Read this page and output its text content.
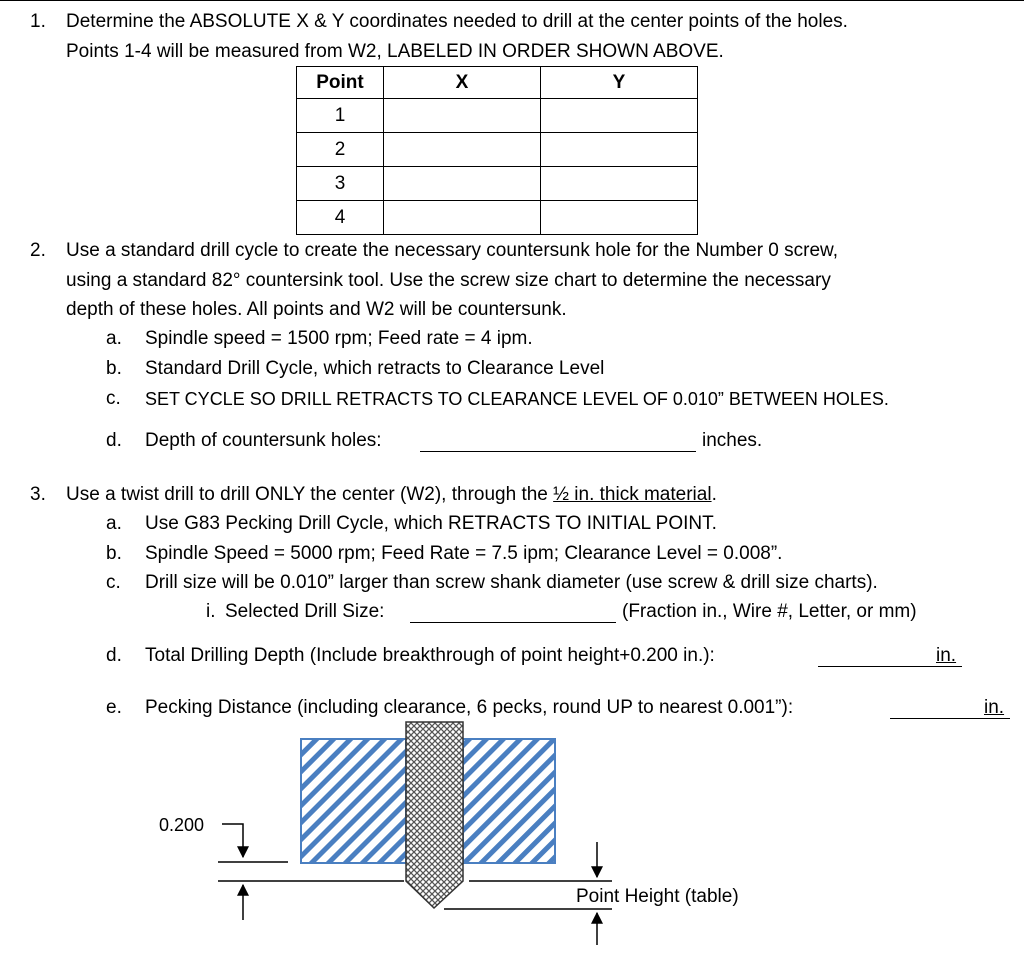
1. Determine the ABSOLUTE X & Y coordinates needed to drill at the center points of the holes.
Points 1-4 will be measured from W2, LABELED IN ORDER SHOWN ABOVE.
Point	X	Y
1		
2		
3		
4		
2. Use a standard drill cycle to create the necessary countersunk hole for the Number 0 screw,
using a standard 82° countersink tool. Use the screw size chart to determine the necessary
depth of these holes. All points and W2 will be countersunk.
a. Spindle speed = 1500 rpm; Feed rate = 4 ipm.
b. Standard Drill Cycle, which retracts to Clearance Level
c. SET CYCLE SO DRILL RETRACTS TO CLEARANCE LEVEL OF 0.010” BETWEEN HOLES.
d. Depth of countersunk holes:	inches.
3. Use a twist drill to drill ONLY the center (W2), through the ½ in. thick material.
a. Use G83 Pecking Drill Cycle, which RETRACTS TO INITIAL POINT.
b. Spindle Speed = 5000 rpm; Feed Rate = 7.5 ipm; Clearance Level = 0.008”.
c. Drill size will be 0.010” larger than screw shank diameter (use screw & drill size charts).
i. Selected Drill Size:	(Fraction in., Wire #, Letter, or mm)
d. Total Drilling Depth (Include breakthrough of point height+0.200 in.):	in.
e. Pecking Distance (including clearance, 6 pecks, round UP to nearest 0.001”):	in.
0.200
Point Height (table)
